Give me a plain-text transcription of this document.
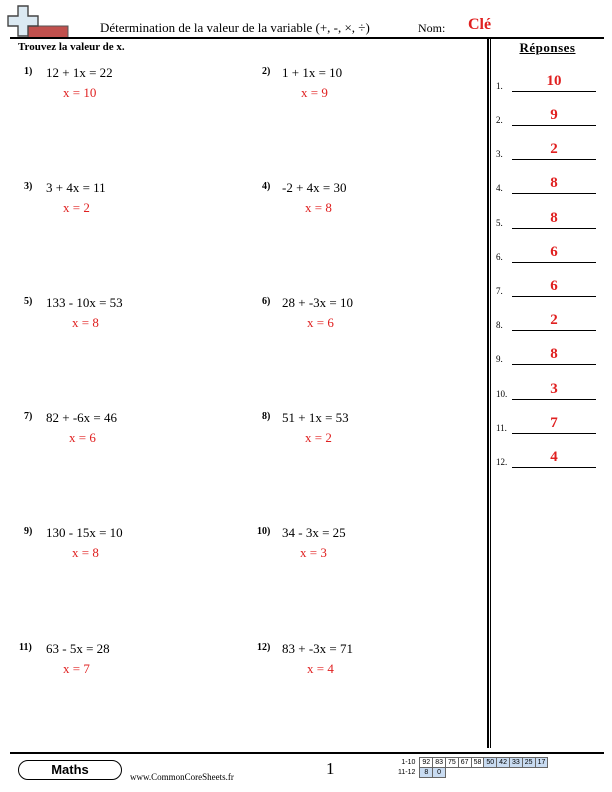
Détermination de la valeur de la variable (+, -, ×, ÷)	Nom: Clé
Trouvez la valeur de x.	Réponses
1) 12 + 1x = 22
x = 10
2) 1 + 1x = 10
x = 9
3) 3 + 4x = 11
x = 2
4) -2 + 4x = 30
x = 8
5) 133 - 10x = 53
x = 8
6) 28 + -3x = 10
x = 6
7) 82 + -6x = 46
x = 6
8) 51 + 1x = 53
x = 2
9) 130 - 15x = 10
x = 8
10) 34 - 3x = 25
x = 3
11) 63 - 5x = 28
x = 7
12) 83 + -3x = 71
x = 4
1.	10
2.	9
3.	2
4.	8
5.	8
6.	6
7.	6
8.	2
9.	8
10.	3
11.	7
12.	4
Maths	www.CommonCoreSheets.fr	1	1-10	92	83	75	67	58	50	42	33	25	17
11-12	8	0								
